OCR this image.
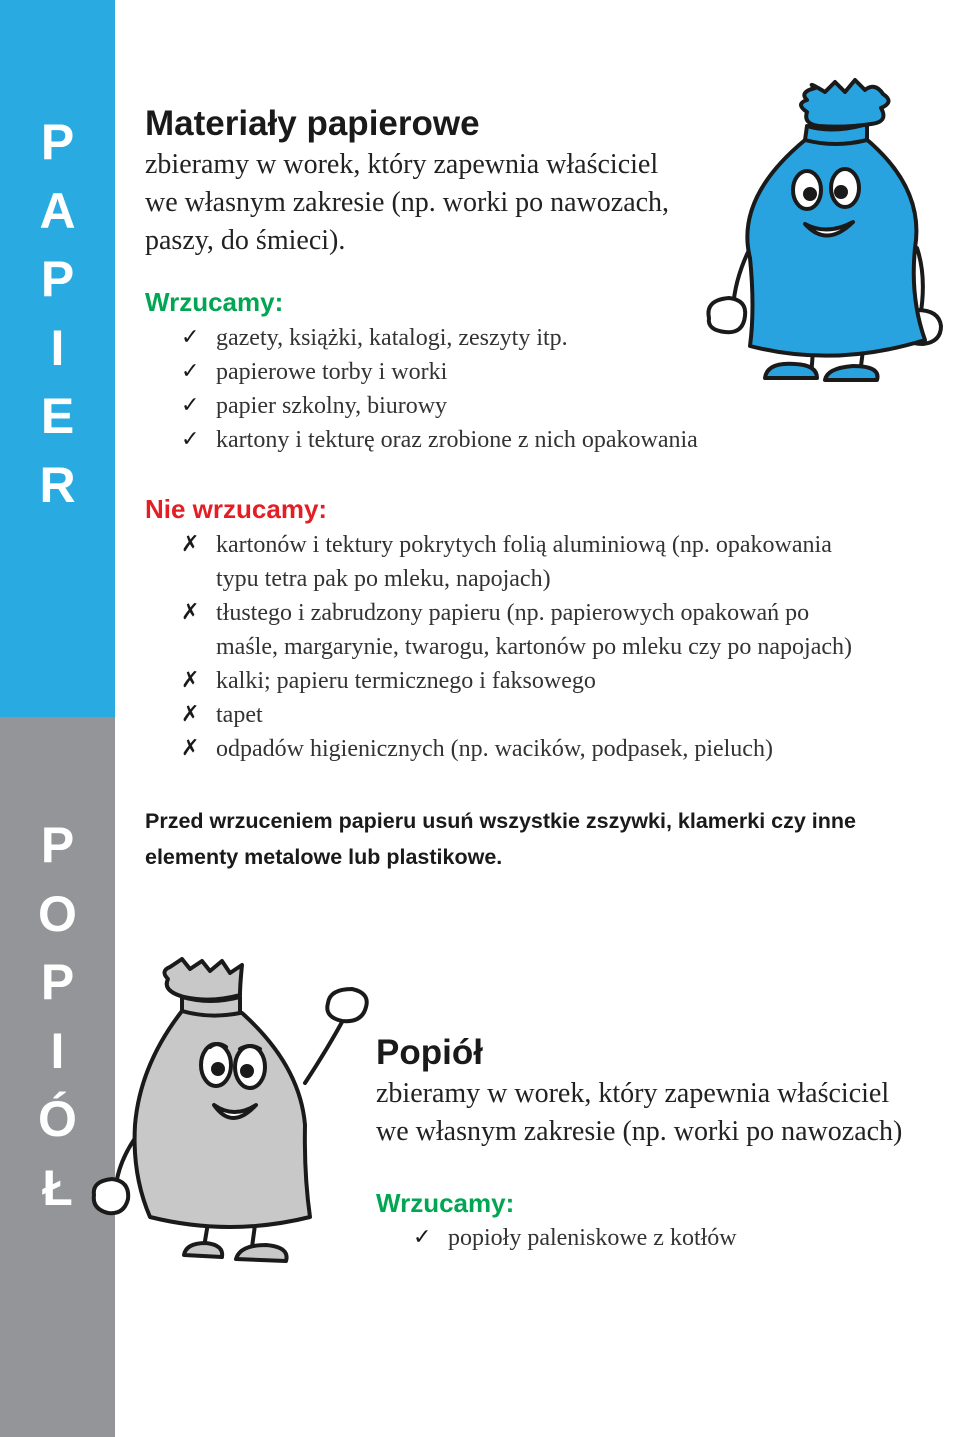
P
A
P
I
E
R
P
O
P
I
Ó
Ł
Materiały papierowe
zbieramy w worek, który zapewnia właściciel
we własnym zakresie (np. worki po nawozach,
paszy, do śmieci).
Wrzucamy:
✓ gazety, książki, katalogi, zeszyty itp.
✓ papierowe torby i worki
✓ papier szkolny, biurowy
✓ kartony i tekturę oraz zrobione z nich opakowania
Nie wrzucamy:
✗ kartonów i tektury pokrytych folią aluminiową (np. opakowania
typu tetra pak po mleku, napojach)
✗ tłustego i zabrudzony papieru (np. papierowych opakowań po
maśle, margarynie, twarogu, kartonów po mleku czy po napojach)
✗ kalki; papieru termicznego i faksowego
✗ tapet
✗ odpadów higienicznych (np. wacików, podpasek, pieluch)
Przed wrzuceniem papieru usuń wszystkie zszywki, klamerki czy inne elementy metalowe lub plastikowe.
Popiół
zbieramy w worek, który zapewnia właściciel
we własnym zakresie (np. worki po nawozach)
Wrzucamy:
✓ popioły paleniskowe z kotłów
